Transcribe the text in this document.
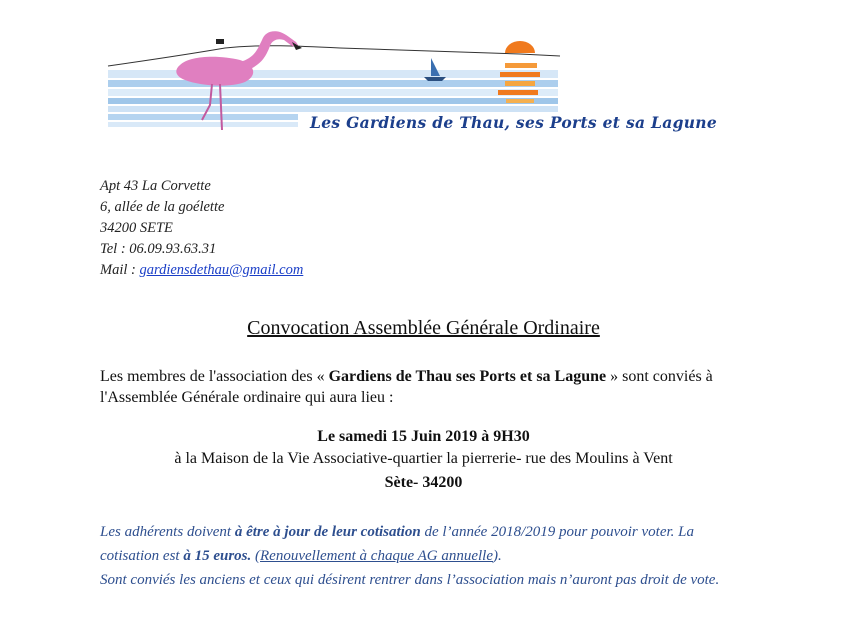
Les Gardiens de Thau, ses Ports et sa Lagune
Apt 43 La Corvette
6, allée de la goélette
34200 SETE
Tel : 06.09.93.63.31
Mail : gardiensdethau@gmail.com
Convocation Assemblée Générale Ordinaire
Les membres de l'association des « Gardiens de Thau ses Ports et sa Lagune » sont conviés à l'Assemblée Générale ordinaire qui aura lieu :
Le samedi 15 Juin 2019 à 9H30
à la Maison de la Vie Associative-quartier la pierrerie- rue des Moulins à Vent
Sète- 34200
Les adhérents doivent à être à jour de leur cotisation de l’année 2018/2019 pour pouvoir voter. La cotisation est à 15 euros. (Renouvellement à chaque AG annuelle).
Sont conviés les anciens et ceux qui désirent rentrer dans l’association mais n’auront pas droit de vote.
